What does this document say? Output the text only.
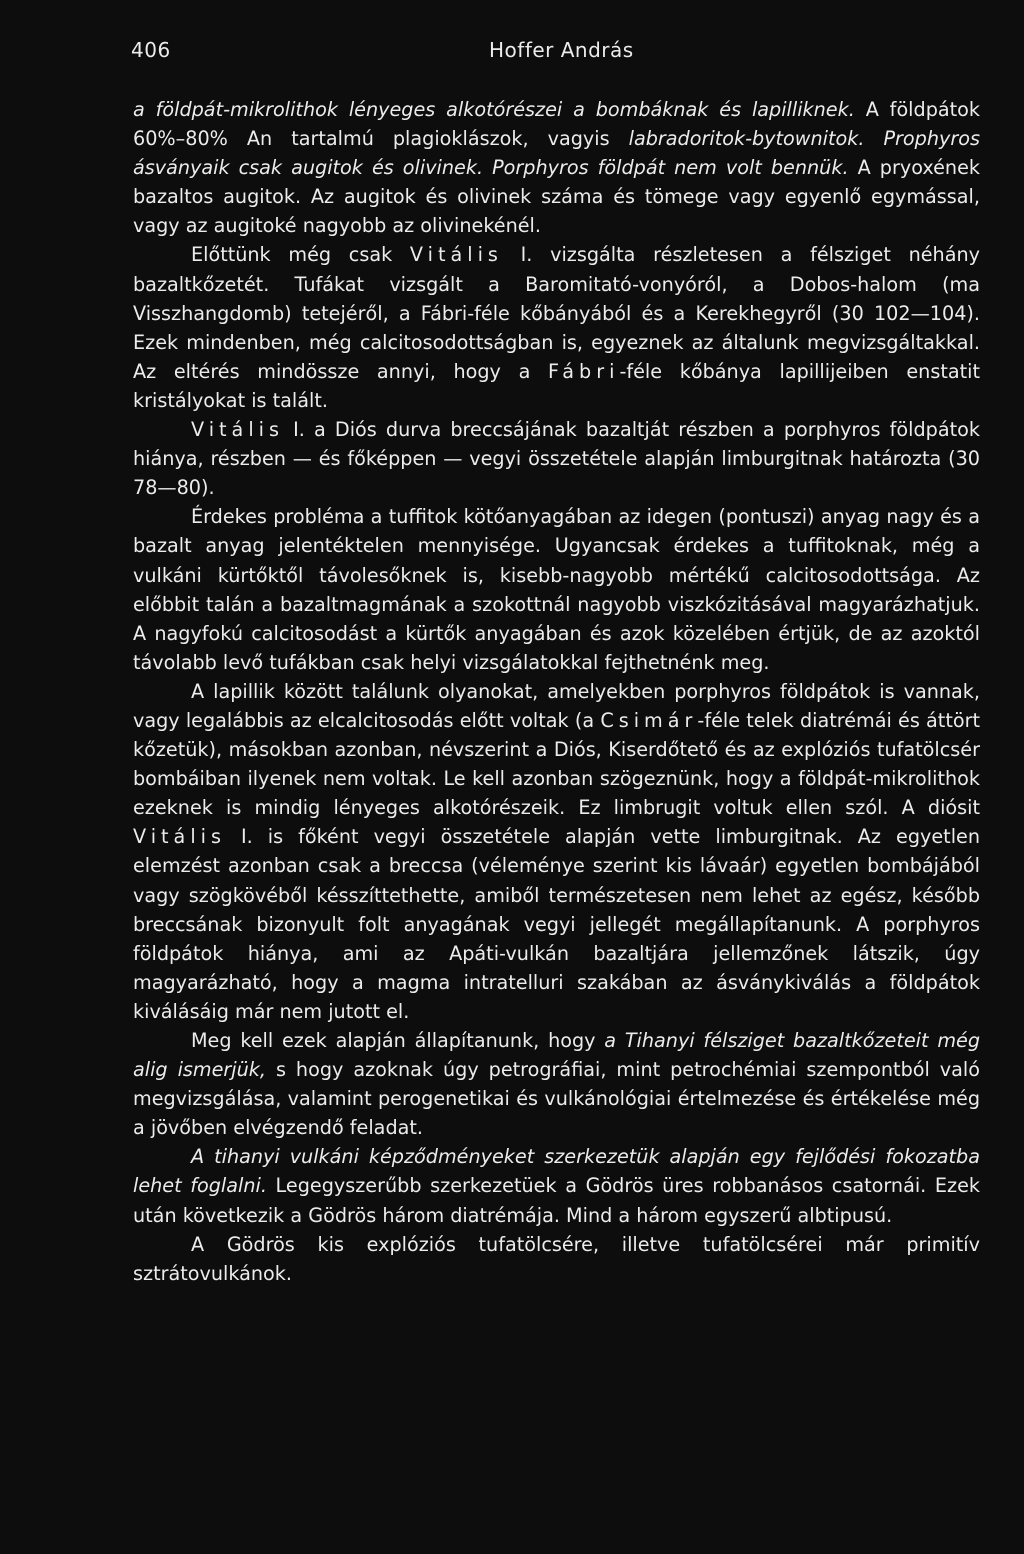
406	Hoffer András

a földpát-mikrolithok lényeges alkotórészei a bombáknak és lapilliknek. A földpátok 60%–80% An tartalmú plagioklászok, vagyis labradoritok-bytownitok. Prophyros ásványaik csak augitok és olivinek. Porphyros földpát nem volt bennük. A pryoxének bazaltos augitok. Az augitok és olivinek száma és tömege vagy egyenlő egymással, vagy az augitoké nagyobb az olivinekénél.

Előttünk még csak Vitális I. vizsgálta részletesen a félsziget néhány bazaltkőzetét. Tufákat vizsgált a Baromitató-vonyóról, a Dobos-halom (ma Visszhangdomb) tetejéről, a Fábri-féle kőbányából és a Kerekhegyről (30 102—104). Ezek mindenben, még calcitosodottságban is, egyeznek az általunk megvizsgáltakkal. Az eltérés mindössze annyi, hogy a Fábri-féle kőbánya lapillijeiben enstatit kristályokat is talált.

Vitális I. a Diós durva breccsájának bazaltját részben a porphyros földpátok hiánya, részben — és főképpen — vegyi összetétele alapján limburgitnak határozta (30 78—80).

Érdekes probléma a tuffitok kötőanyagában az idegen (pontuszi) anyag nagy és a bazalt anyag jelentéktelen mennyisége. Ugyancsak érdekes a tuffitoknak, még a vulkáni kürtőktől távolesőknek is, kisebb-nagyobb mértékű calcitosodottsága. Az előbbit talán a bazaltmagmának a szokottnál nagyobb viszkózitásával magyarázhatjuk. A nagyfokú calcitosodást a kürtők anyagában és azok közelében értjük, de az azoktól távolabb levő tufákban csak helyi vizsgálatokkal fejthetnénk meg.

A lapillik között találunk olyanokat, amelyekben porphyros földpátok is vannak, vagy legalábbis az elcalcitosodás előtt voltak (a Csimár-féle telek diatrémái és áttört kőzetük), másokban azonban, névszerint a Diós, Kiserdőtető és az explóziós tufatölcsér bombáiban ilyenek nem voltak. Le kell azonban szögeznünk, hogy a földpát-mikrolithok ezeknek is mindig lényeges alkotórészeik. Ez limbrugit voltuk ellen szól. A diósit Vitális I. is főként vegyi összetétele alapján vette limburgitnak. Az egyetlen elemzést azonban csak a breccsa (véleménye szerint kis lávaár) egyetlen bombájából vagy szögkövéből késszíttethette, amiből természetesen nem lehet az egész, később breccsának bizonyult folt anyagának vegyi jellegét megállapítanunk. A porphyros földpátok hiánya, ami az Apáti-vulkán bazaltjára jellemzőnek látszik, úgy magyarázható, hogy a magma intratelluri szakában az ásványkiválás a földpátok kiválásáig már nem jutott el.

Meg kell ezek alapján állapítanunk, hogy a Tihanyi félsziget bazaltkőzeteit még alig ismerjük, s hogy azoknak úgy petrográfiai, mint petrochémiai szempontból való megvizsgálása, valamint perogenetikai és vulkánológiai értelmezése és értékelése még a jövőben elvégzendő feladat.

A tihanyi vulkáni képződményeket szerkezetük alapján egy fejlődési fokozatba lehet foglalni. Legegyszerűbb szerkezetüek a Gödrös üres robbanásos csatornái. Ezek után következik a Gödrös három diatrémája. Mind a három egyszerű albtipusú.

A Gödrös kis explóziós tufatölcsére, illetve tufatölcsérei már primitív sztrátovulkánok.
